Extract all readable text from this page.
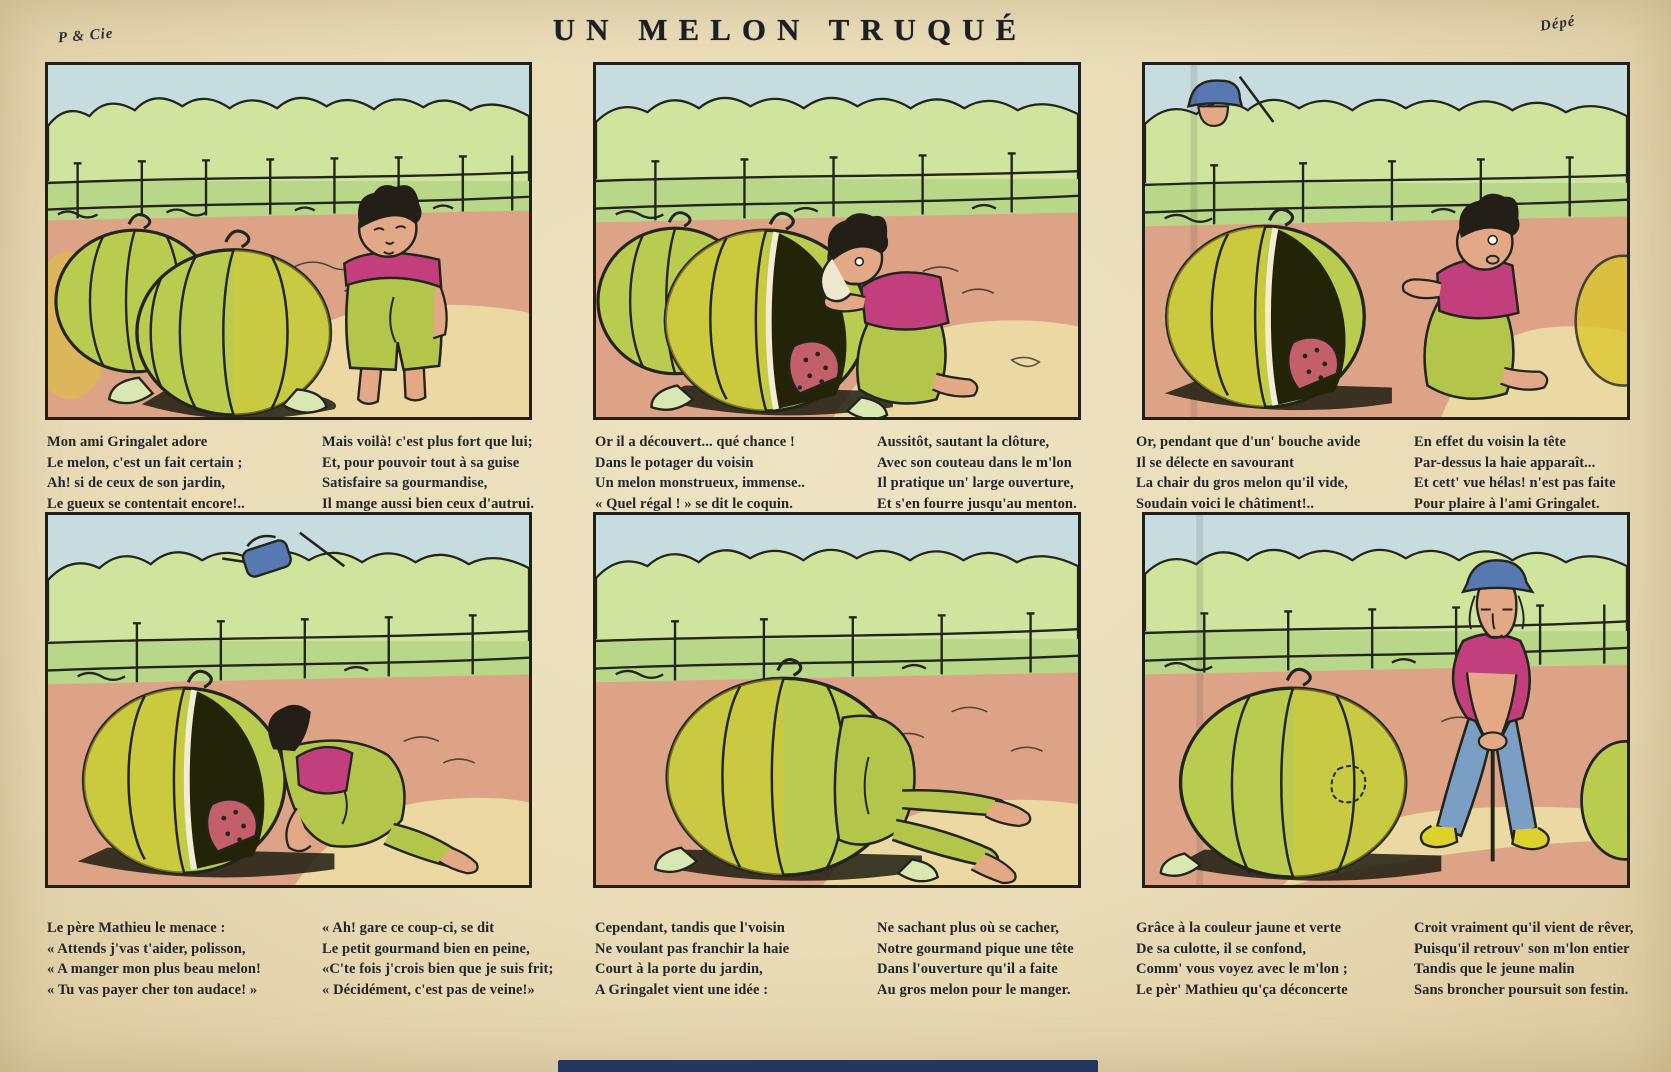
P & Cie	UN MELON TRUQUÉ	Dépé
Mon ami Gringalet adore
Le melon, c'est un fait certain ;
Ah! si de ceux de son jardin,
Le gueux se contentait encore!..
Mais voilà! c'est plus fort que lui;
Et, pour pouvoir tout à sa guise
Satisfaire sa gourmandise,
Il mange aussi bien ceux d'autrui.
Or il a découvert... qué chance !
Dans le potager du voisin
Un melon monstrueux, immense..
« Quel régal ! » se dit le coquin.
Aussitôt, sautant la clôture,
Avec son couteau dans le m'lon
Il pratique un' large ouverture,
Et s'en fourre jusqu'au menton.
Or, pendant que d'un' bouche avide
Il se délecte en savourant
La chair du gros melon qu'il vide,
Soudain voici le châtiment!..
En effet du voisin la tête
Par-dessus la haie apparaît...
Et cett' vue hélas! n'est pas faite
Pour plaire à l'ami Gringalet.
Le père Mathieu le menace :
« Attends j'vas t'aider, polisson,
« A manger mon plus beau melon!
« Tu vas payer cher ton audace! »
« Ah! gare ce coup-ci, se dit
Le petit gourmand bien en peine,
«C'te fois j'crois bien que je suis frit;
« Décidément, c'est pas de veine!»
Cependant, tandis que l'voisin
Ne voulant pas franchir la haie
Court à la porte du jardin,
A Gringalet vient une idée :
Ne sachant plus où se cacher,
Notre gourmand pique une tête
Dans l'ouverture qu'il a faite
Au gros melon pour le manger.
Grâce à la couleur jaune et verte
De sa culotte, il se confond,
Comm' vous voyez avec le m'lon ;
Le pèr' Mathieu qu'ça déconcerte
Croit vraiment qu'il vient de rêver,
Puisqu'il retrouv' son m'lon entier
Tandis que le jeune malin
Sans broncher poursuit son festin.
